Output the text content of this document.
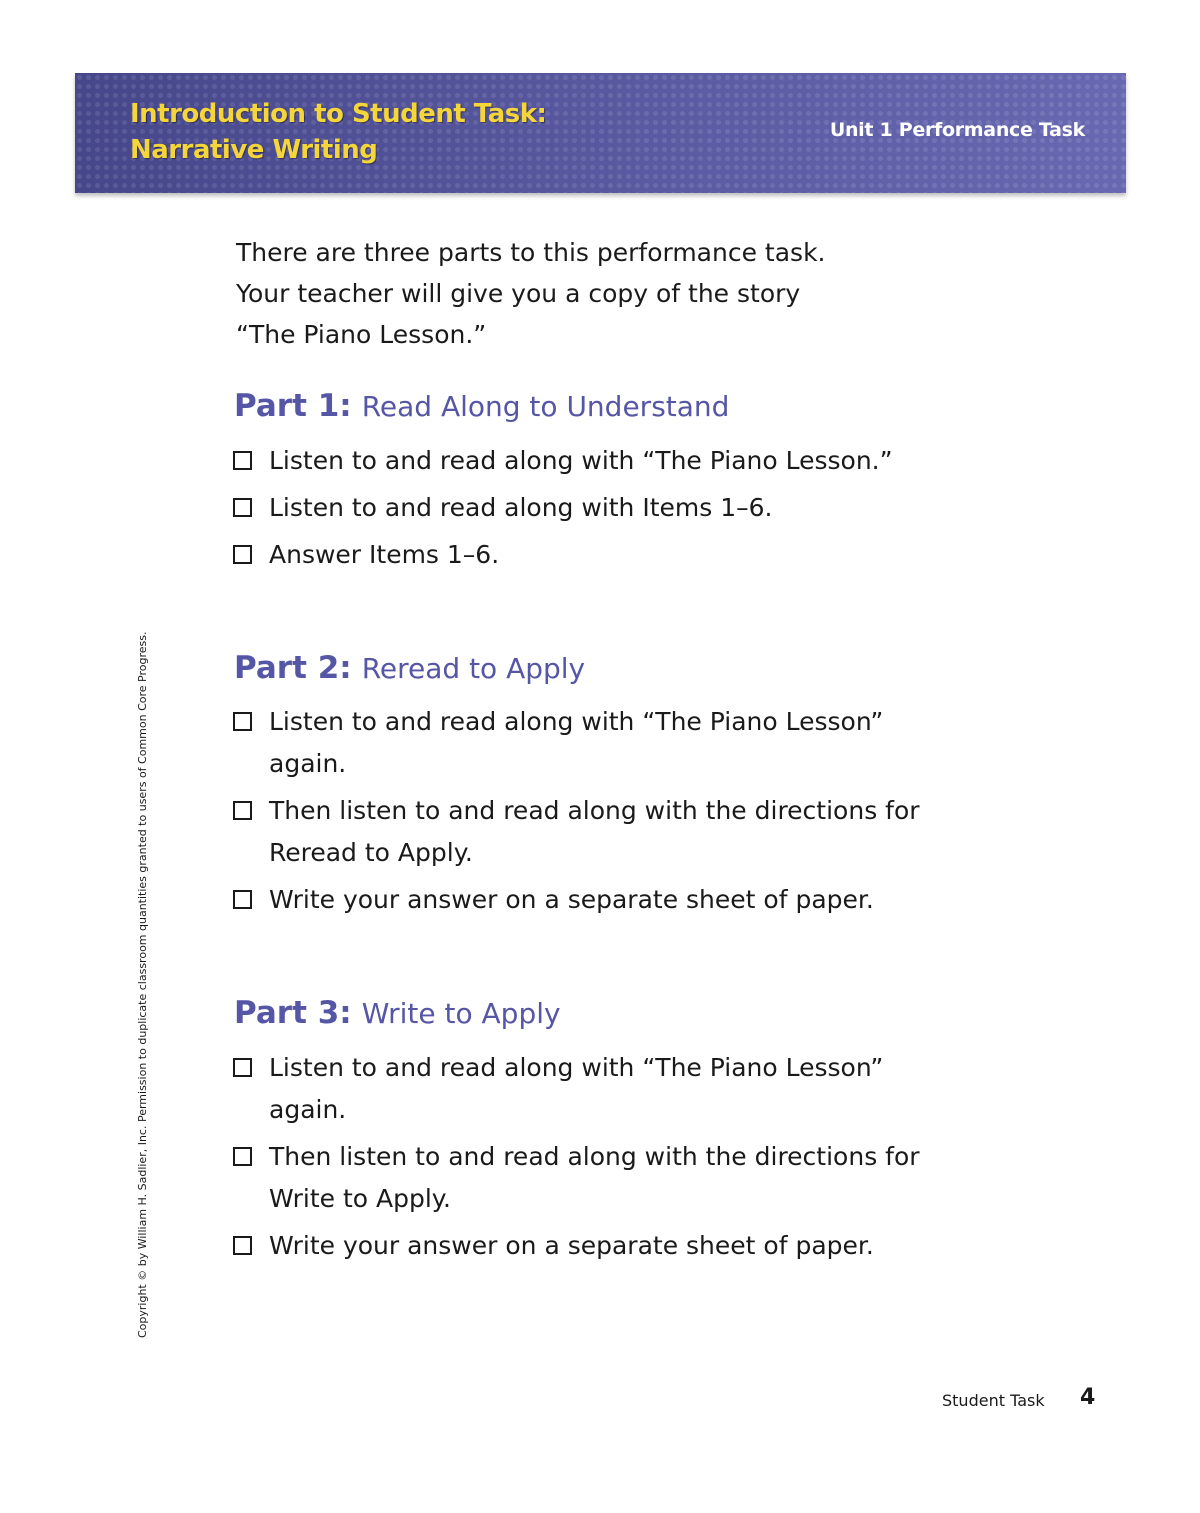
Introduction to Student Task:
Narrative Writing
Unit 1 Performance Task

There are three parts to this performance task.

Your teacher will give you a copy of the story

“The Piano Lesson.”

Part 1: Read Along to Understand
Listen to and read along with “The Piano Lesson.”
Listen to and read along with Items 1–6.
Answer Items 1–6.
Part 2: Reread to Apply
Listen to and read along with “The Piano Lesson” again.
Then listen to and read along with the directions for Reread to Apply.
Write your answer on a separate sheet of paper.
Part 3: Write to Apply
Listen to and read along with “The Piano Lesson” again.
Then listen to and read along with the directions for Write to Apply.
Write your answer on a separate sheet of paper.
Copyright © by William H. Sadlier, Inc. Permission to duplicate classroom quantities granted to users of Common Core Progress.
Student Task 4
